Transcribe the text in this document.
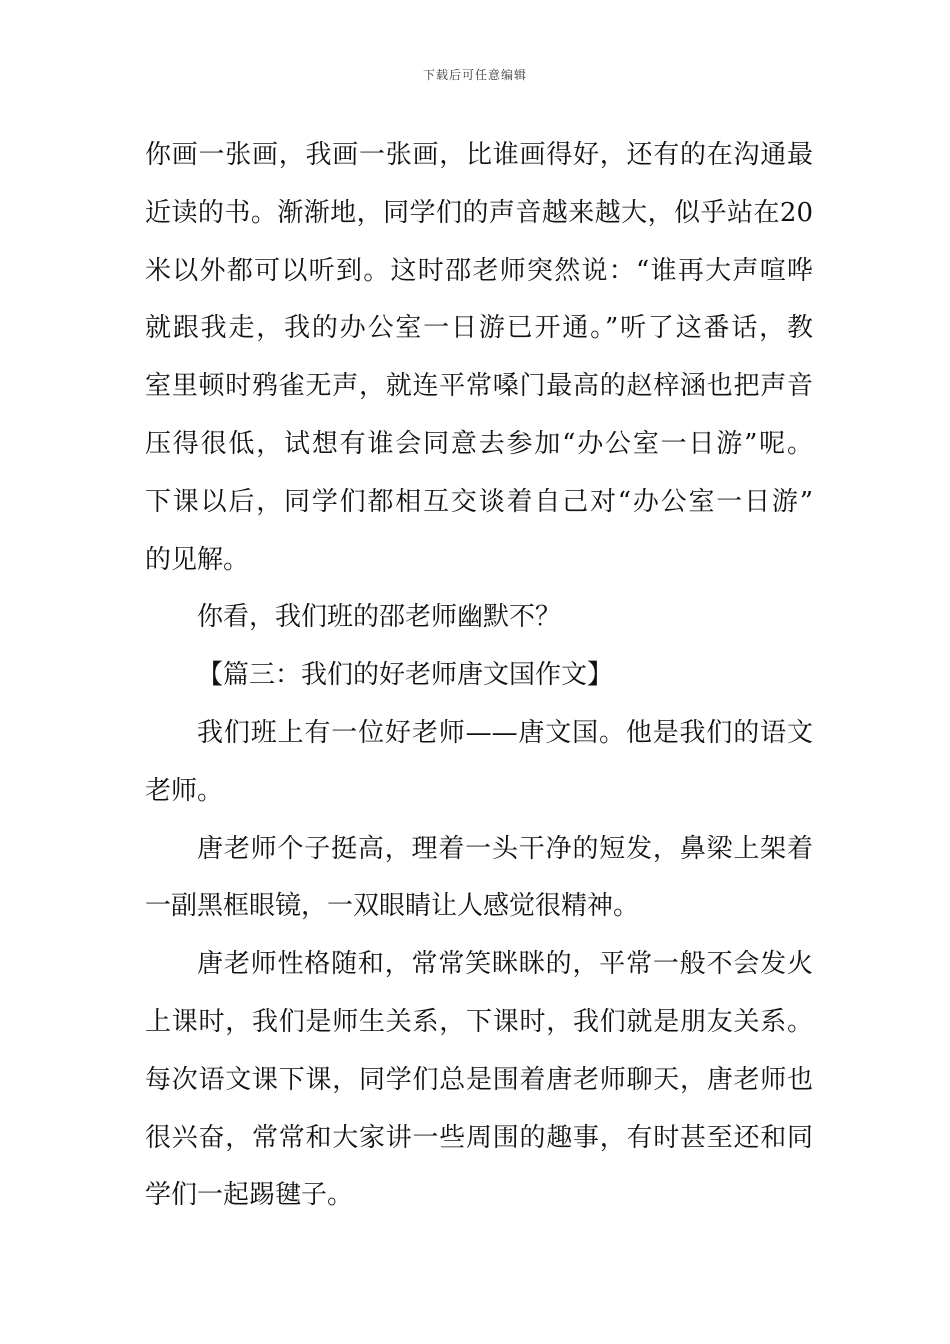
下载后可任意编辑
你画一张画，我画一张画，比谁画得好，还有的在沟通最
近读的书。渐渐地，同学们的声音越来越大，似乎站在20
米以外都可以听到。这时邵老师突然说：“谁再大声喧哗
就跟我走，我的办公室一日游已开通。”听了这番话，教
室里顿时鸦雀无声，就连平常嗓门最高的赵梓涵也把声音
压得很低，试想有谁会同意去参加“办公室一日游”呢。
下课以后，同学们都相互交谈着自己对“办公室一日游”
的见解。
你看，我们班的邵老师幽默不？
【篇三：我们的好老师唐文国作文】
我们班上有一位好老师——唐文国。他是我们的语文
老师。
唐老师个子挺高，理着一头干净的短发，鼻梁上架着
一副黑框眼镜，一双眼睛让人感觉很精神。
唐老师性格随和，常常笑眯眯的，平常一般不会发火
上课时，我们是师生关系，下课时，我们就是朋友关系。
每次语文课下课，同学们总是围着唐老师聊天，唐老师也
很兴奋，常常和大家讲一些周围的趣事，有时甚至还和同
学们一起踢毽子。
